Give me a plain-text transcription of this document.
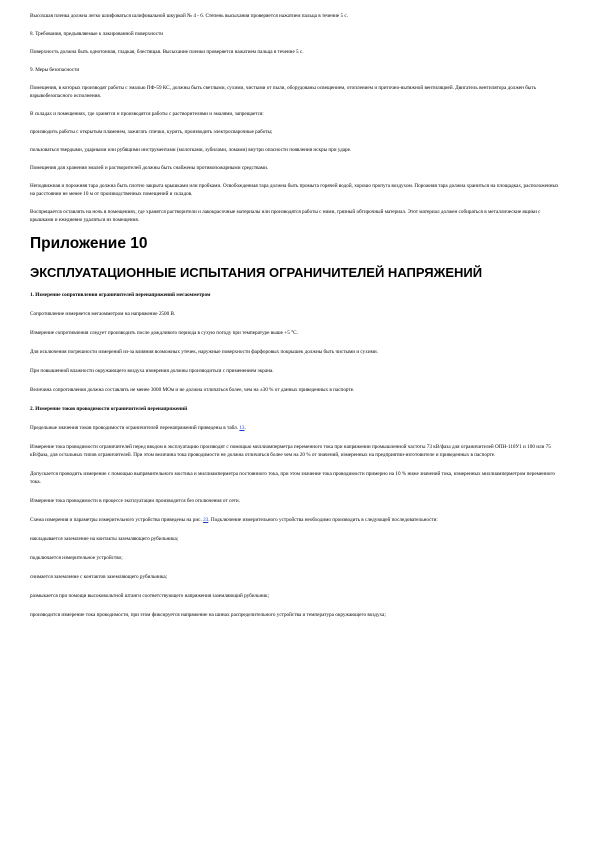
Высохшая пленка должна легко шлифоваться шлифовальной шкуркой № 4 - 6. Степень высыхания проверяется нажатием пальца в течение 5 с.

8. Требования, предъявляемые к лакированной поверхности

Поверхность должна быть однотонная, гладкая, блестящая. Высыхание пленки проверяется нажатием пальца в течение 5 с.

9. Меры безопасности

Помещения, в которых производят работы с эмалью ПФ-59 КС, должны быть светлыми, сухими, чистыми от пыли, оборудованы освещением, отоплением и приточно-вытяжной вентиляцией. Двигатель вентилятора должен быть взрывобезопасного исполнения.

В складах и помещениях, где хранятся и производятся работы с растворителями и эмалями, запрещается:

производить работы с открытым пламенем, зажигать спички, курить, производить электросварочные работы;

пользоваться твердыми, ударными или рубящими инструментами (молотками, зубилами, ломами) внутри опасности появления искры при ударе.

Помещения для хранения эмалей и растворителей должны быть снабжены противопожарными средствами.

Неподвижная и порожняя тара должна быть плотно закрыта крышками или пробками. Освобожденная тара должна быть промыта горячей водой, хорошо пропуга воздухом. Порожняя тара должна храниться на площадках, расположенных на расстоянии не менее 10 м от производственных помещений и складов.

Воспрещается оставлять на ночь в помещениях, где хранятся растворители и лакокрасочные материалы или производятся работы с ними, грязный обтирочный материал. Этот материал должен собираться в металлические ящики с крышками и ежедневно удаляться из помещения.

Приложение 10
ЭКСПЛУАТАЦИОННЫЕ ИСПЫТАНИЯ ОГРАНИЧИТЕЛЕЙ НАПРЯЖЕНИЙ

1. Измерение сопротивления ограничителей перенапряжений мегаомметром

Сопротивление измеряется мегаомметром на напряжение 2500 В.

Измерение сопротивления следует производить после дождливого периода в сухую погоду при температуре выше +5 °С.

Для исключения погрешности измерений из-за влияния возможных утечек, наружные поверхности фарфоровых покрышек должны быть чистыми и сухими.

При повышенной влажности окружающего воздуха измерения должны производиться с применением экрана.

Величина сопротивления должна составлять не менее 3000 МОм и не должна отличаться более, чем на ±30 % от данных приведенных в паспорте.

2. Измерение токов проводимости ограничителей перенапряжений

Предельные значения токов проводимости ограничителей перенапряжений приведены в табл. 13.

Измерение тока проводимости ограничителей перед вводом в эксплуатацию производят с помощью миллиамперметра переменного тока при напряжении промышленной частоты 73 кВ/фаза для ограничителей ОПН-110У1 и 100 или 75 кВ/фаза, для остальных типов ограничителей. При этом величина тока проводимости не должна отличаться более чем на 20 % от значений, измеренных на предприятии-изготовителе и приведенных в паспорте.

Допускается проводить измерение с помощью выпрямительного мостика и миллиамперметра постоянного тока, при этом значение тока проводимости примерно на 10 % ниже значений тока, измеренных миллиамперметром переменного тока.

Измерение тока проводимости в процессе эксплуатации производится без отключения от сети.

Схема измерения и параметры измерительного устройства приведены на рис. 23. Подключение измерительного устройства необходимо производить в следующей последовательности:

накладывается заземление на контакты заземляющего рубильника;

подключается измерительное устройство;

снимается заземление с контактов заземляющего рубильника;

размыкается при помощи высоковольтной штанги соответствующего напряжения заземляющий рубильник;

производится измерение тока проводимости, при этом фиксируется напряжение на шинах распределительного устройства и температура окружающего воздуха;
